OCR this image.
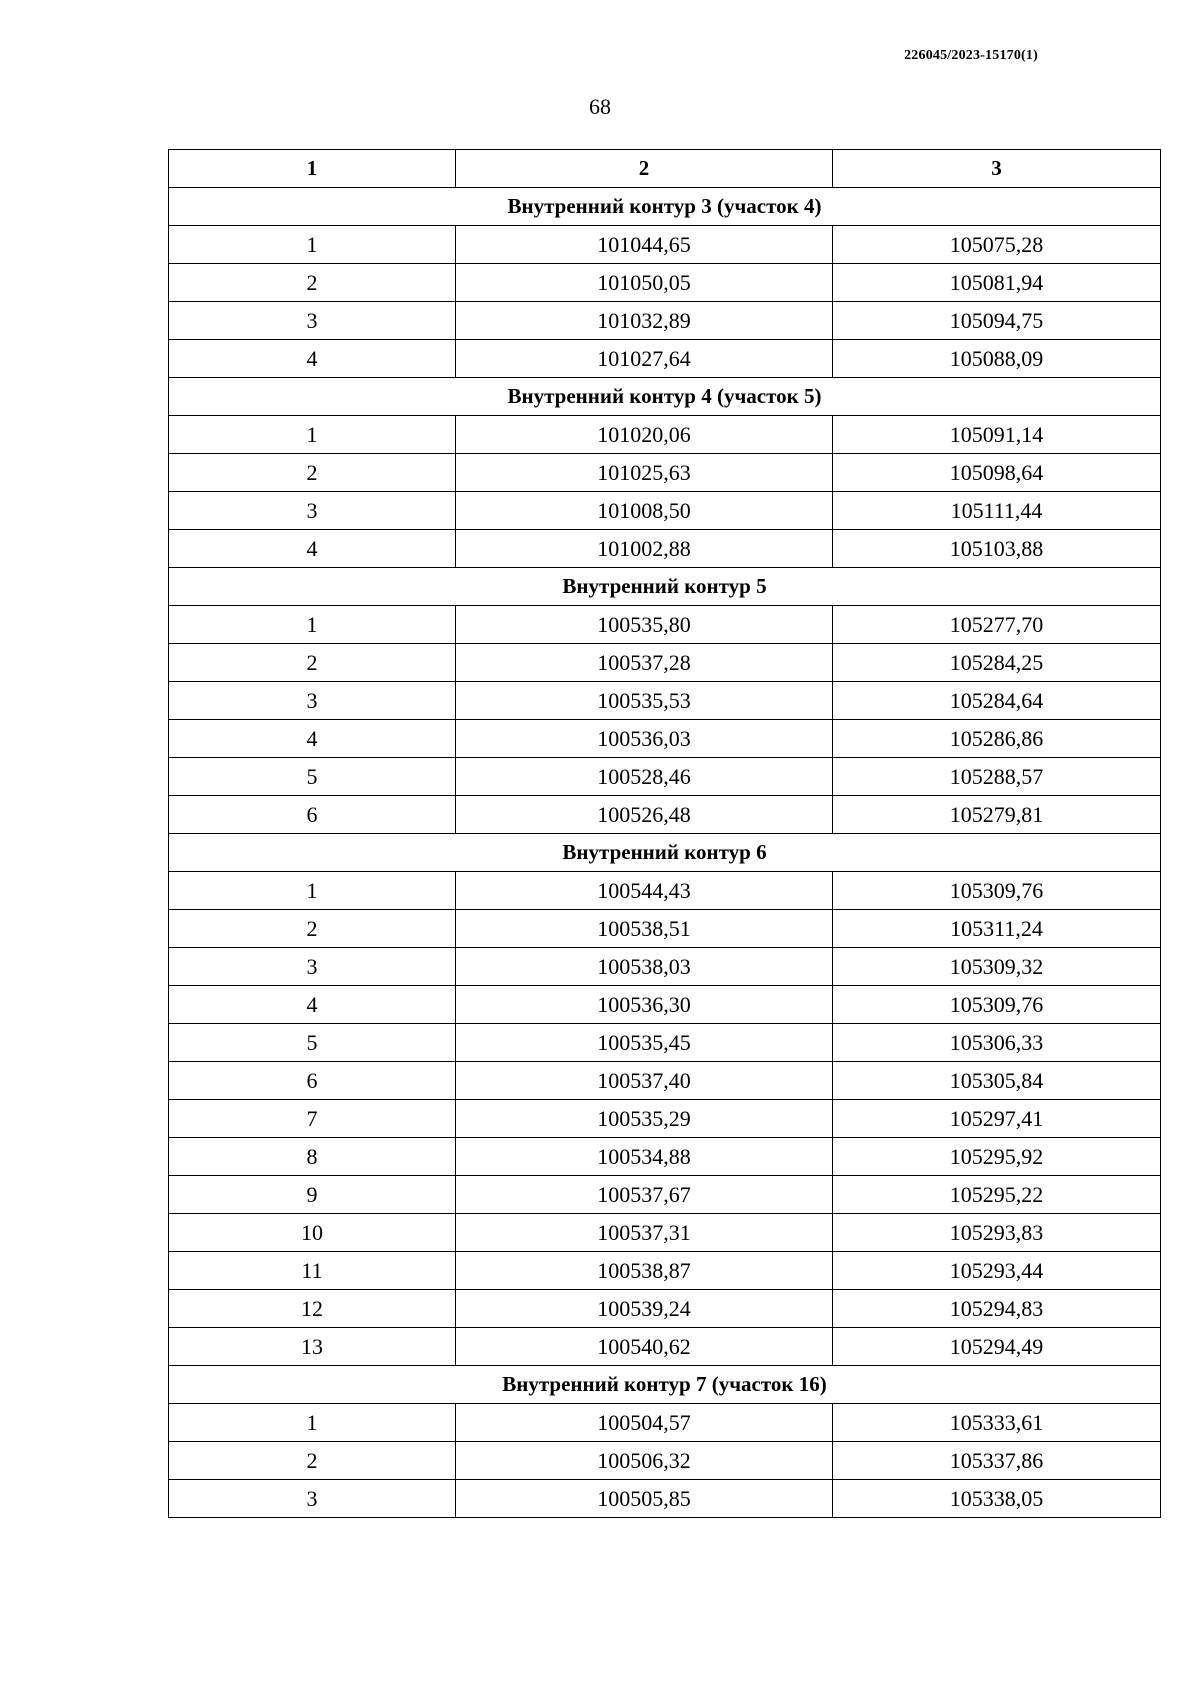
226045/2023-15170(1)
68
1	2	3
Внутренний контур 3 (участок 4)		
1	101044,65	105075,28
2	101050,05	105081,94
3	101032,89	105094,75
4	101027,64	105088,09
Внутренний контур 4 (участок 5)		
1	101020,06	105091,14
2	101025,63	105098,64
3	101008,50	105111,44
4	101002,88	105103,88
Внутренний контур 5		
1	100535,80	105277,70
2	100537,28	105284,25
3	100535,53	105284,64
4	100536,03	105286,86
5	100528,46	105288,57
6	100526,48	105279,81
Внутренний контур 6		
1	100544,43	105309,76
2	100538,51	105311,24
3	100538,03	105309,32
4	100536,30	105309,76
5	100535,45	105306,33
6	100537,40	105305,84
7	100535,29	105297,41
8	100534,88	105295,92
9	100537,67	105295,22
10	100537,31	105293,83
11	100538,87	105293,44
12	100539,24	105294,83
13	100540,62	105294,49
Внутренний контур 7 (участок 16)		
1	100504,57	105333,61
2	100506,32	105337,86
3	100505,85	105338,05
